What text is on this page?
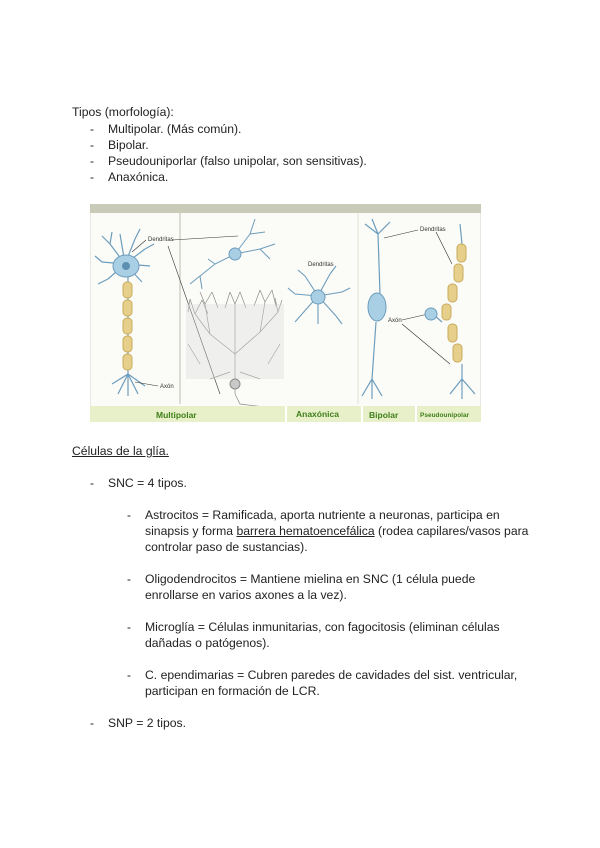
Tipos (morfología):
- Multipolar. (Más común).
- Bipolar.
- Pseudouniporlar (falso unipolar, son sensitivas).
- Anaxónica.
Dendritas
Axón
Dendritas
Dendritas
Axón
Multipolar	Anaxónica	Bipolar	Pseudounipolar
Células de la glía.
- SNC = 4 tipos.
- Astrocitos = Ramificada, aporta nutriente a neuronas, participa en
sinapsis y forma barrera hematoencefálica (rodea capilares/vasos para
controlar paso de sustancias).
- Oligodendrocitos = Mantiene mielina en SNC (1 célula puede
enrollarse en varios axones a la vez).
- Microglía = Células inmunitarias, con fagocitosis (eliminan células
dañadas o patógenos).
- C. ependimarias = Cubren paredes de cavidades del sist. ventricular,
participan en formación de LCR.
- SNP = 2 tipos.
